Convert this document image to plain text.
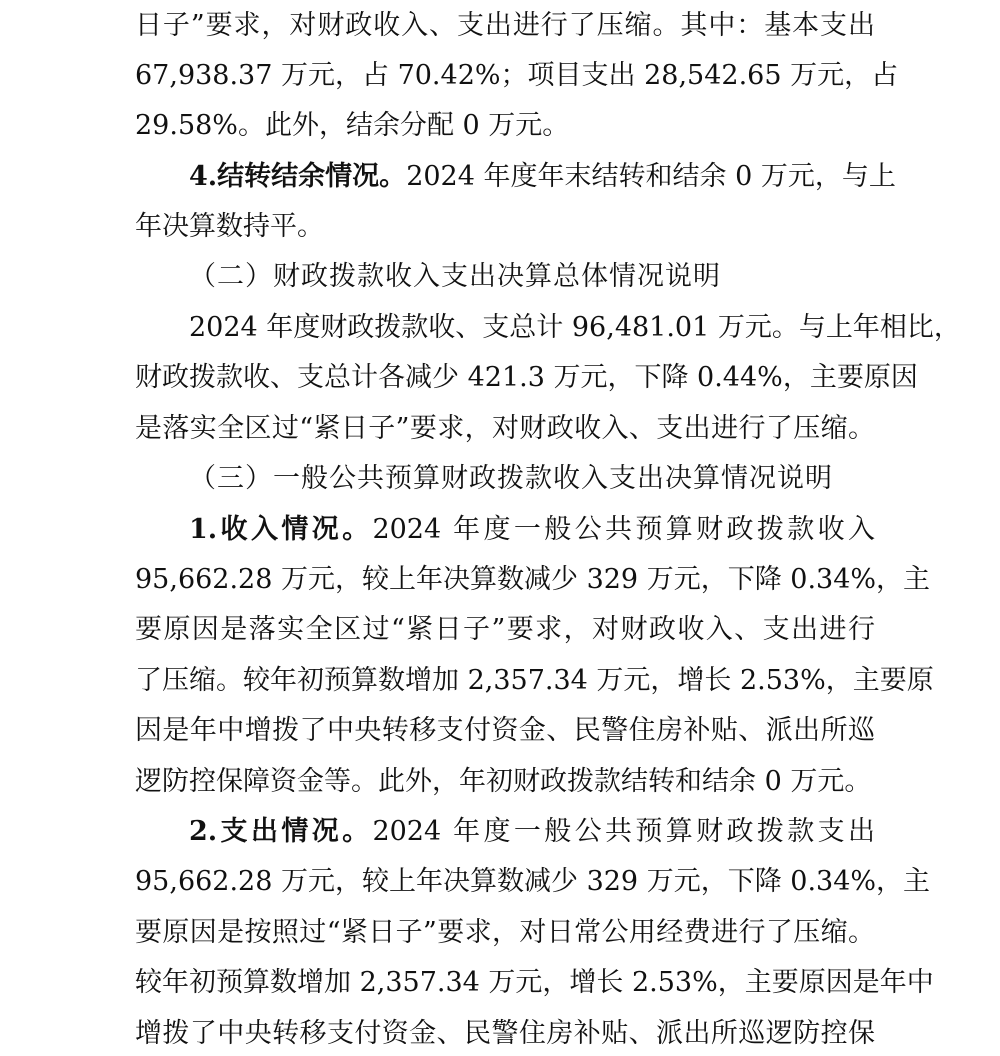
日子”要求，对财政收入、支出进行了压缩。其中：基本支出
67,938.37 万元，占 70.42%；项目支出 28,542.65 万元，占
29.58%。此外，结余分配 0 万元。
4.结转结余情况。2024 年度年末结转和结余 0 万元，与上
年决算数持平。
（二）财政拨款收入支出决算总体情况说明
2024 年度财政拨款收、支总计 96,481.01 万元。与上年相比，
财政拨款收、支总计各减少 421.3 万元，下降 0.44%，主要原因
是落实全区过“紧日子”要求，对财政收入、支出进行了压缩。
（三）一般公共预算财政拨款收入支出决算情况说明
1.收入情况。2024 年度一般公共预算财政拨款收入
95,662.28 万元，较上年决算数减少 329 万元，下降 0.34%，主
要原因是落实全区过“紧日子”要求，对财政收入、支出进行
了压缩。较年初预算数增加 2,357.34 万元，增长 2.53%，主要原
因是年中增拨了中央转移支付资金、民警住房补贴、派出所巡
逻防控保障资金等。此外，年初财政拨款结转和结余 0 万元。
2.支出情况。2024 年度一般公共预算财政拨款支出
95,662.28 万元，较上年决算数减少 329 万元，下降 0.34%，主
要原因是按照过“紧日子”要求，对日常公用经费进行了压缩。
较年初预算数增加 2,357.34 万元，增长 2.53%，主要原因是年中
增拨了中央转移支付资金、民警住房补贴、派出所巡逻防控保
